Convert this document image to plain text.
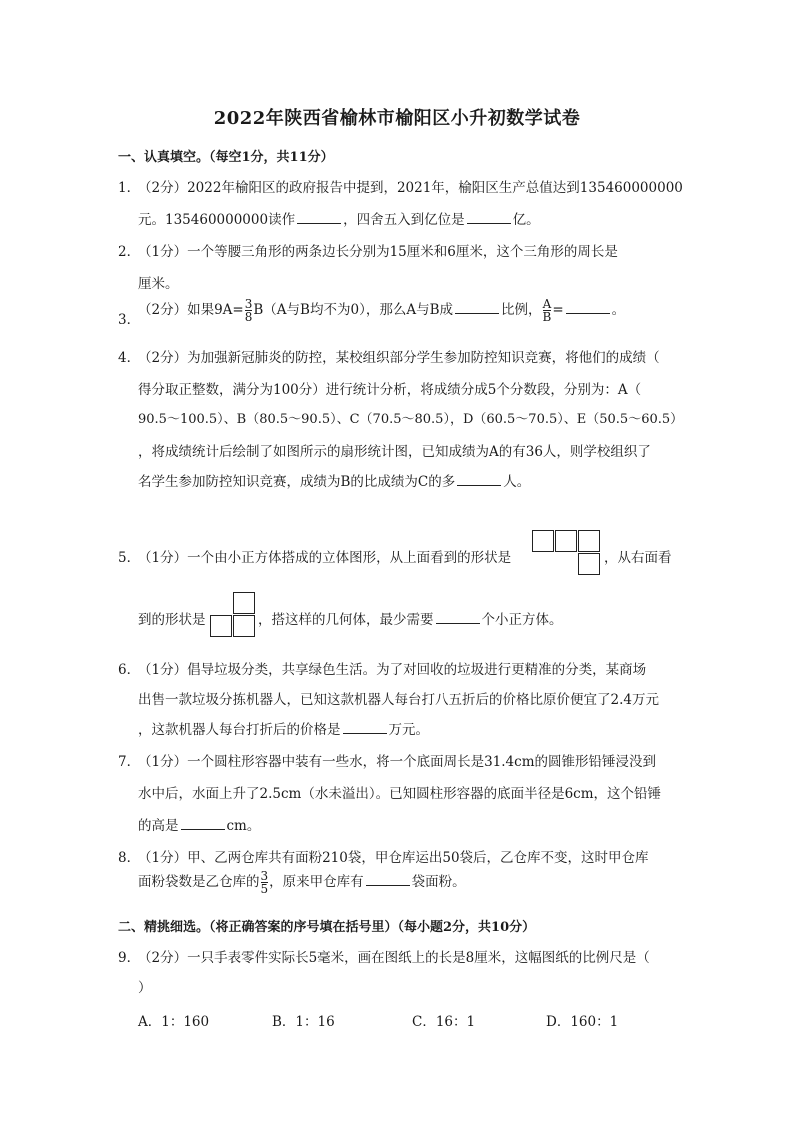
2022年陕西省榆林市榆阳区小升初数学试卷
一、认真填空。（每空1分，共11分）
1．
（2分）2022年榆阳区的政府报告中提到，2021年，榆阳区生产总值达到135460000000
元。135460000000读作	，四舍五入到亿位是	亿。
2．
（1分）一个等腰三角形的两条边长分别为15厘米和6厘米，这个三角形的周长是
厘米。
3．
（2分）如果$9A= \frac{3}{8} B(A$与B均不为0），那么A与B成	比例， $\frac{A}{B}$ =	。
4．
（2分）为加强新冠肺炎的防控，某校组织部分学生参加防控知识竞赛，将他们的成绩（
得分取正整数，满分为100分）进行统计分析，将成绩分成5个分数段，分别为：A（
90.5～100.5）、B（80.5～90.5）、C（70.5～80.5），D（60.5～70.5）、E（50.5～60.5）
，将成绩统计后绘制了如图所示的扇形统计图，已知成绩为A的有36人，则学校组织了
名学生参加防控知识竞赛，成绩为B的比成绩为C的多	人。
5．
（1分）一个由小正方体搭成的立体图形，从上面看到的形状是	，从右面看
到的形状是	，搭这样的几何体，最少需要	个小正方体。
6．
（1分）倡导垃圾分类，共享绿色生活。为了对回收的垃圾进行更精准的分类，某商场
出售一款垃圾分拣机器人，已知这款机器人每台打八五折后的价格比原价便宜了2.4万元
，这款机器人每台打折后的价格是	万元。
7．
（1分）一个圆柱形容器中装有一些水，将一个底面周长是31.4cm的圆锥形铅锤浸没到
水中后，水面上升了2.5cm（水未溢出）。已知圆柱形容器的底面半径是6cm，这个铅锤
的高是	cm。
8．
（1分）甲、乙两仓库共有面粉210袋，甲仓库运出50袋后，乙仓库不变，这时甲仓库
面粉袋数是乙仓库的 $\frac{3}{5}$ ，原来甲仓库有	袋面粉。
二、精挑细选。（将正确答案的序号填在括号里）（每小题2分，共10分）
9．
（2分）一只手表零件实际长5毫米，画在图纸上的长是8厘米，这幅图纸的比例尺是（
）
A．1：160	B．1：16	C．16：1	D．160：1
